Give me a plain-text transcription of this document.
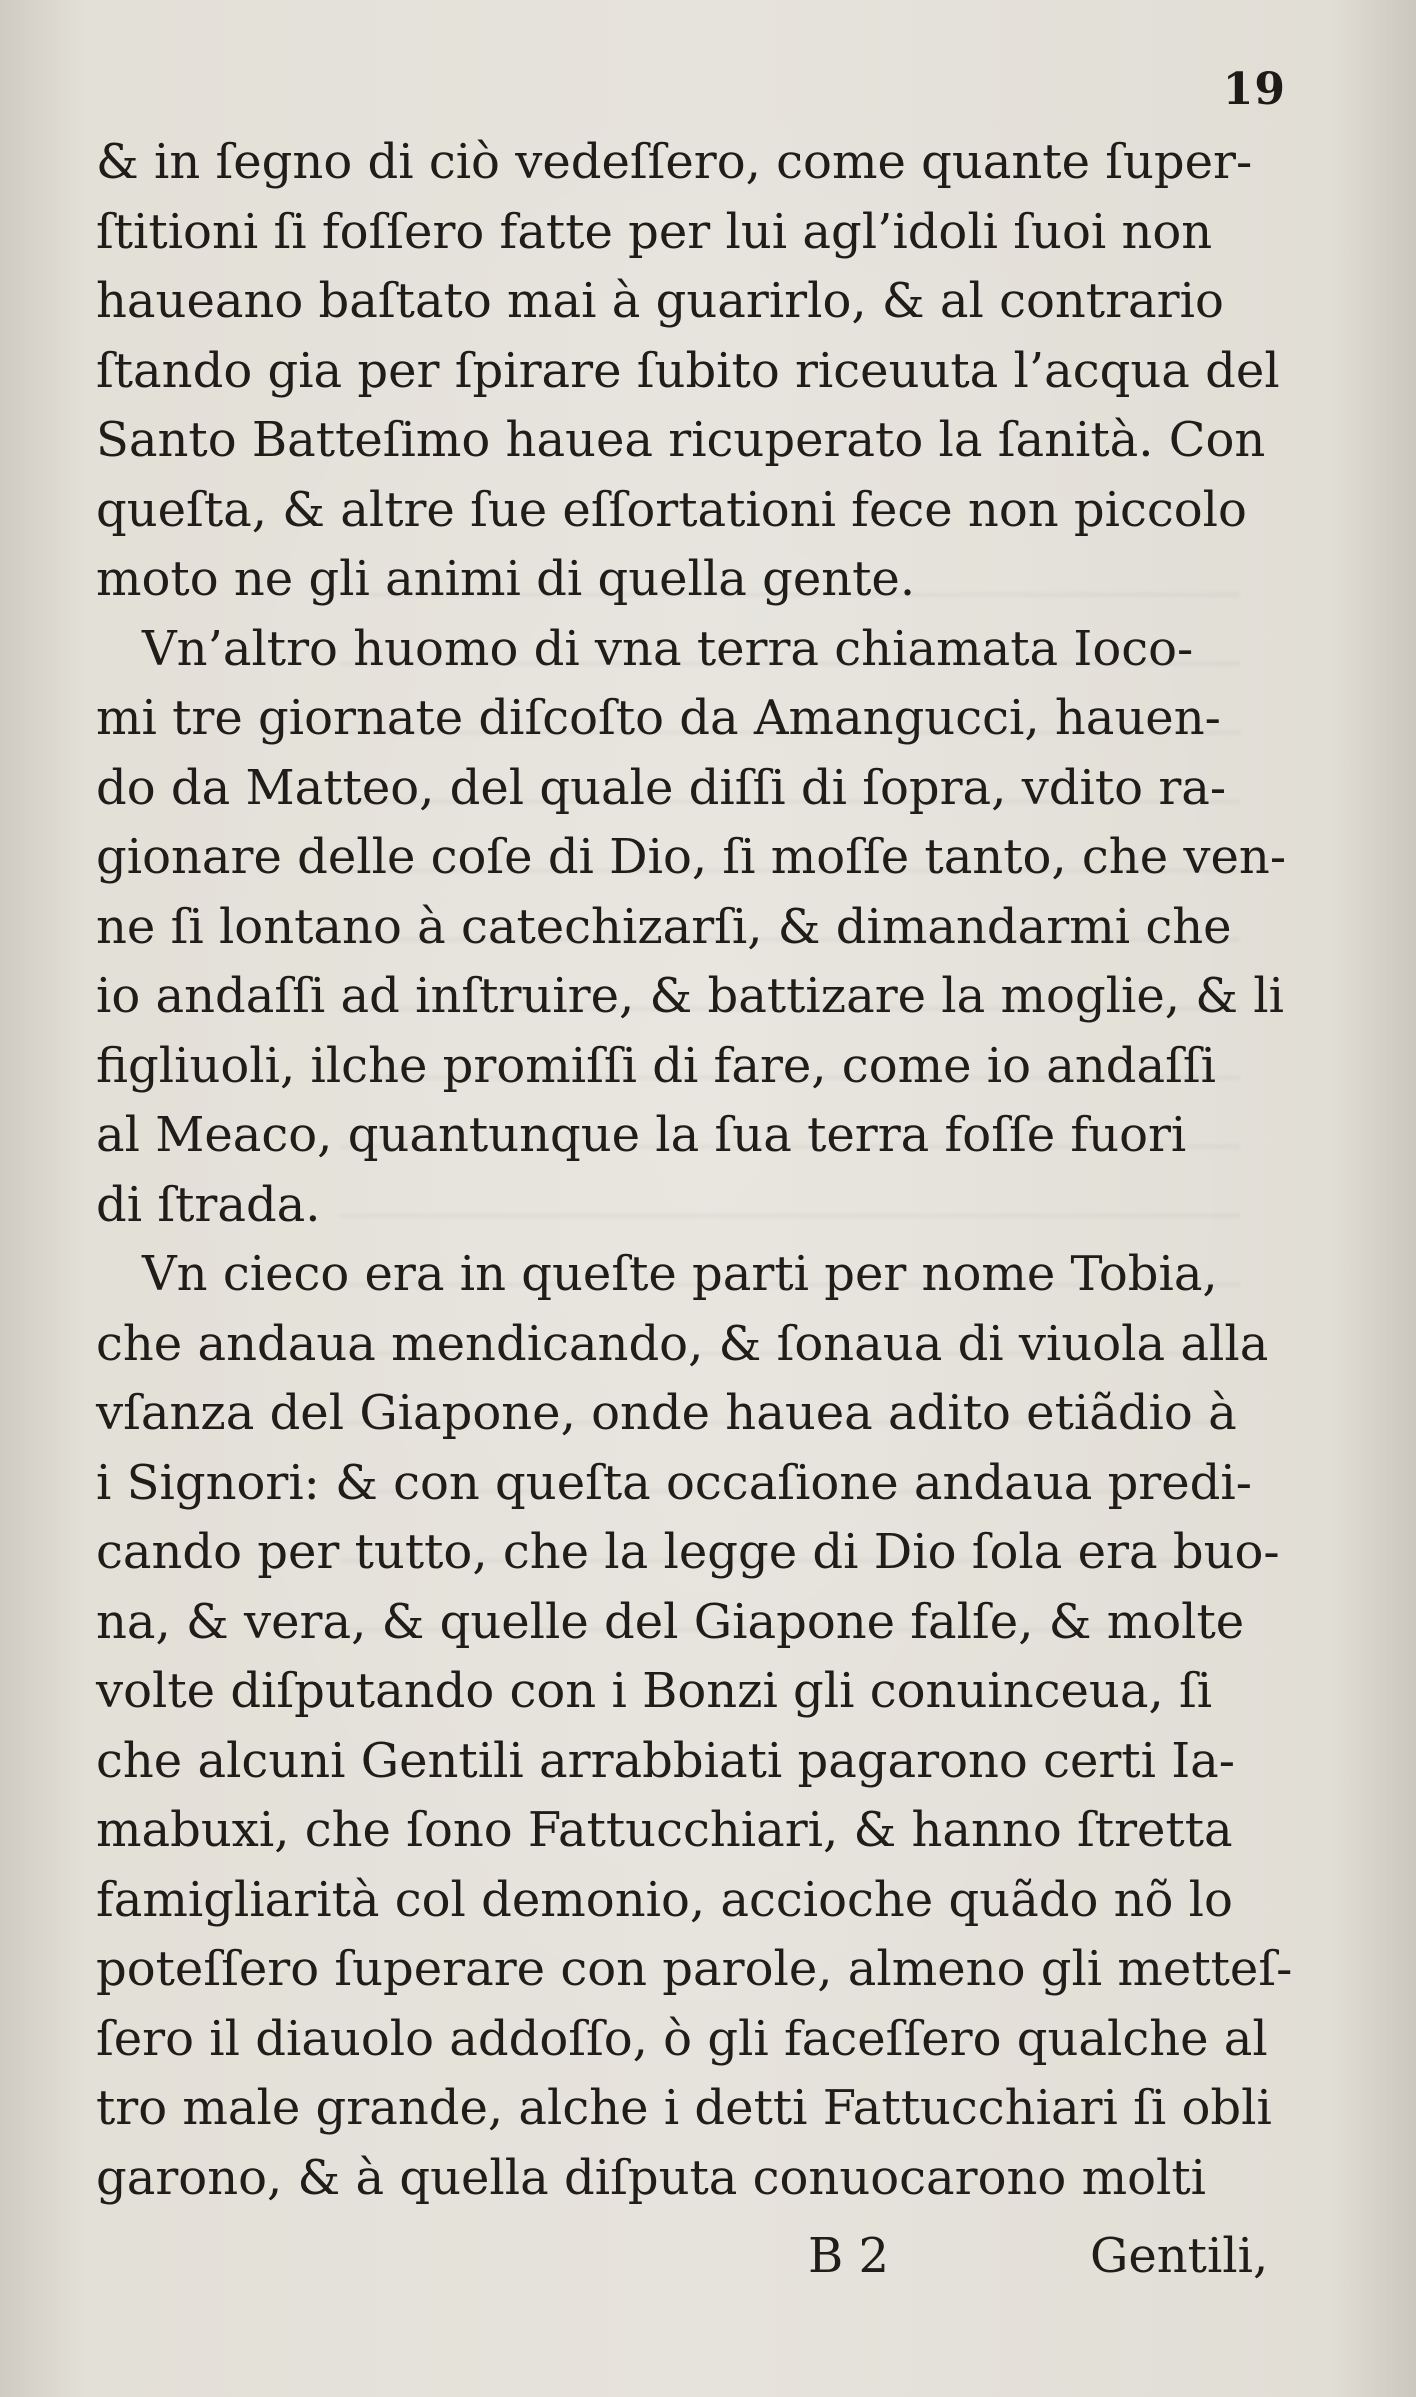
19
& in ſegno di ciò vedeſſero, come quante ſuper-
ſtitioni ſi foſſero fatte per lui agl’idoli ſuoi non
haueano baſtato mai à guarirlo, & al contrario
ſtando gia per ſpirare ſubito riceuuta l’acqua del
Santo Batteſimo hauea ricuperato la ſanità. Con
queſta, & altre ſue eſſortationi fece non piccolo
moto ne gli animi di quella gente.
Vn’altro huomo di vna terra chiamata Ioco-
mi tre giornate diſcoſto da Amangucci, hauen-
do da Matteo, del quale diſſi di ſopra, vdito ra-
gionare delle coſe di Dio, ſi moſſe tanto, che ven-
ne ſi lontano à catechizarſi, & dimandarmi che
io andaſſi ad inſtruire, & battizare la moglie, & li
figliuoli, ilche promiſſi di fare, come io andaſſi
al Meaco, quantunque la ſua terra foſſe fuori
di ſtrada.
Vn cieco era in queſte parti per nome Tobia,
che andaua mendicando, & ſonaua di viuola alla
vſanza del Giapone, onde hauea adito etiãdio à
i Signori: & con queſta occaſione andaua predi-
cando per tutto, che la legge di Dio ſola era buo-
na, & vera, & quelle del Giapone falſe, & molte
volte diſputando con i Bonzi gli conuinceua, ſi
che alcuni Gentili arrabbiati pagarono certi Ia-
mabuxi, che ſono Fattucchiari, & hanno ſtretta
famigliarità col demonio, accioche quãdo nõ lo
poteſſero ſuperare con parole, almeno gli metteſ-
ſero il diauolo addoſſo, ò gli faceſſero qualche al
tro male grande, alche i detti Fattucchiari ſi obli
garono, & à quella diſputa conuocarono molti
B 2	Gentili,
